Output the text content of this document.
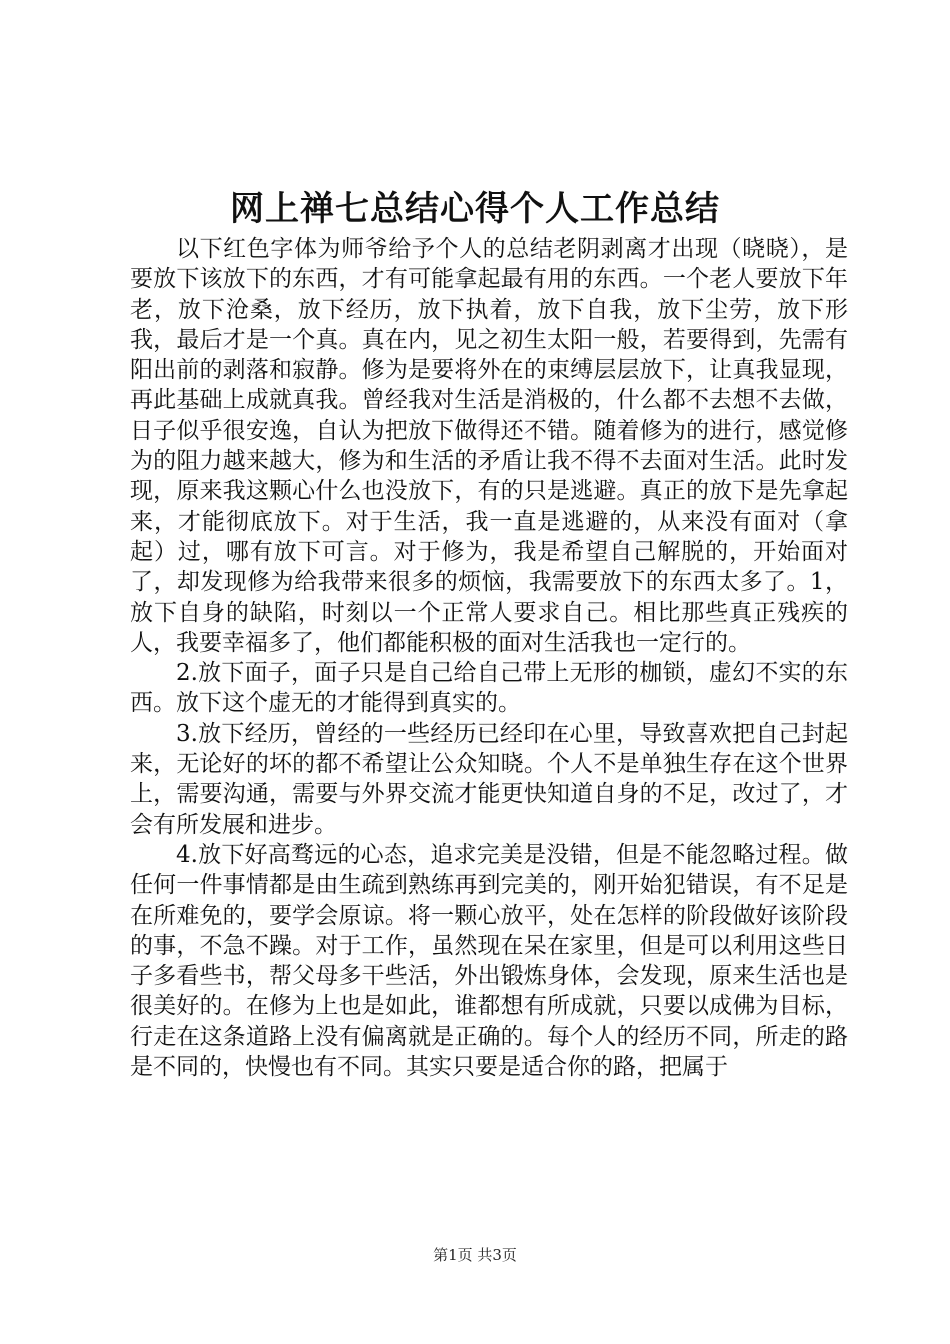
网上禅七总结心得个人工作总结

以下红色字体为师爷给予个人的总结老阴剥离才出现（晓晓），是要放下该放下的东西，才有可能拿起最有用的东西。一个老人要放下年老，放下沧桑，放下经历，放下执着，放下自我，放下尘劳，放下形我，最后才是一个真。真在内，见之初生太阳一般，若要得到，先需有阳出前的剥落和寂静。修为是要将外在的束缚层层放下，让真我显现，再此基础上成就真我。曾经我对生活是消极的，什么都不去想不去做，日子似乎很安逸，自认为把放下做得还不错。随着修为的进行，感觉修为的阻力越来越大，修为和生活的矛盾让我不得不去面对生活。此时发现，原来我这颗心什么也没放下，有的只是逃避。真正的放下是先拿起来，才能彻底放下。对于生活，我一直是逃避的，从来没有面对（拿起）过，哪有放下可言。对于修为，我是希望自己解脱的，开始面对了，却发现修为给我带来很多的烦恼，我需要放下的东西太多了。1，放下自身的缺陷，时刻以一个正常人要求自己。相比那些真正残疾的人，我要幸福多了，他们都能积极的面对生活我也一定行的。

2.放下面子，面子只是自己给自己带上无形的枷锁，虚幻不实的东西。放下这个虚无的才能得到真实的。

3.放下经历，曾经的一些经历已经印在心里，导致喜欢把自己封起来，无论好的坏的都不希望让公众知晓。个人不是单独生存在这个世界上，需要沟通，需要与外界交流才能更快知道自身的不足，改过了，才会有所发展和进步。

4.放下好高骛远的心态，追求完美是没错，但是不能忽略过程。做任何一件事情都是由生疏到熟练再到完美的，刚开始犯错误，有不足是在所难免的，要学会原谅。将一颗心放平，处在怎样的阶段做好该阶段的事，不急不躁。对于工作，虽然现在呆在家里，但是可以利用这些日子多看些书，帮父母多干些活，外出锻炼身体，会发现，原来生活也是很美好的。在修为上也是如此，谁都想有所成就，只要以成佛为目标，行走在这条道路上没有偏离就是正确的。每个人的经历不同，所走的路是不同的，快慢也有不同。其实只要是适合你的路，把属于

第1页 共3页
